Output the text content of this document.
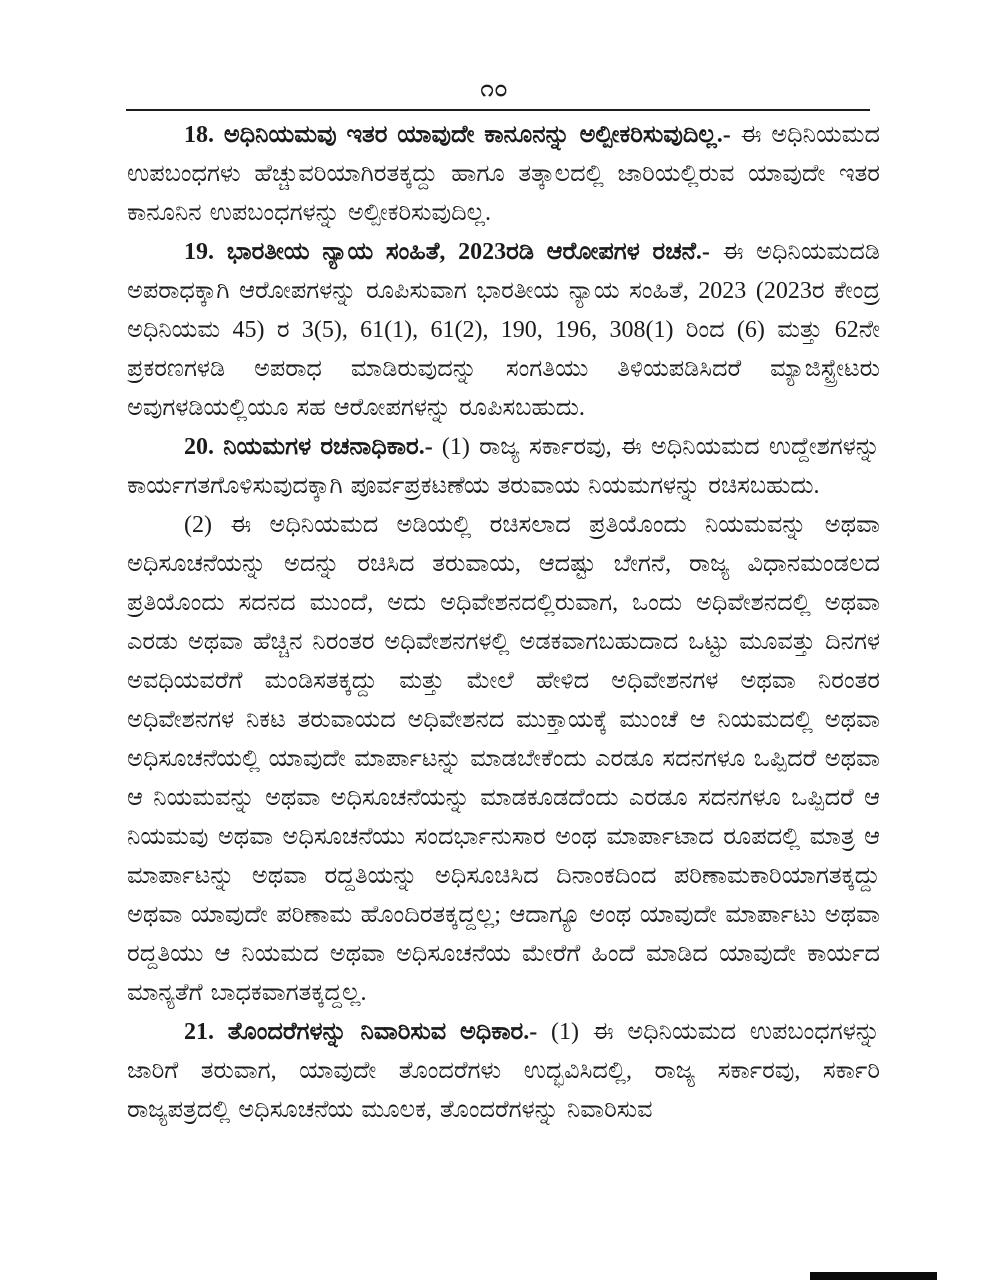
೧೦

18. ಅಧಿನಿಯಮವು ಇತರ ಯಾವುದೇ ಕಾನೂನನ್ನು ಅಲ್ಪೀಕರಿಸುವುದಿಲ್ಲ.- ಈ ಅಧಿನಿಯಮದ ಉಪಬಂಧಗಳು ಹೆಚ್ಚುವರಿಯಾಗಿರತಕ್ಕದ್ದು ಹಾಗೂ ತತ್ಕಾಲದಲ್ಲಿ ಜಾರಿಯಲ್ಲಿರುವ ಯಾವುದೇ ಇತರ ಕಾನೂನಿನ ಉಪಬಂಧಗಳನ್ನು ಅಲ್ಪೀಕರಿಸುವುದಿಲ್ಲ.

19. ಭಾರತೀಯ ನ್ಯಾಯ ಸಂಹಿತೆ, 2023ರಡಿ ಆರೋಪಗಳ ರಚನೆ.- ಈ ಅಧಿನಿಯಮದಡಿ ಅಪರಾಧಕ್ಕಾಗಿ ಆರೋಪಗಳನ್ನು ರೂಪಿಸುವಾಗ ಭಾರತೀಯ ನ್ಯಾಯ ಸಂಹಿತೆ, 2023 (2023ರ ಕೇಂದ್ರ ಅಧಿನಿಯಮ 45) ರ 3(5), 61(1), 61(2), 190, 196, 308(1) ರಿಂದ (6) ಮತ್ತು 62ನೇ ಪ್ರಕರಣಗಳಡಿ ಅಪರಾಧ ಮಾಡಿರುವುದನ್ನು ಸಂಗತಿಯು ತಿಳಿಯಪಡಿಸಿದರೆ ಮ್ಯಾಜಿಸ್ಟ್ರೇಟರು ಅವುಗಳಡಿಯಲ್ಲಿಯೂ ಸಹ ಆರೋಪಗಳನ್ನು ರೂಪಿಸಬಹುದು.

20. ನಿಯಮಗಳ ರಚನಾಧಿಕಾರ.- (1) ರಾಜ್ಯ ಸರ್ಕಾರವು, ಈ ಅಧಿನಿಯಮದ ಉದ್ದೇಶಗಳನ್ನು ಕಾರ್ಯಗತಗೊಳಿಸುವುದಕ್ಕಾಗಿ ಪೂರ್ವಪ್ರಕಟಣೆಯ ತರುವಾಯ ನಿಯಮಗಳನ್ನು ರಚಿಸಬಹುದು.

(2) ಈ ಅಧಿನಿಯಮದ ಅಡಿಯಲ್ಲಿ ರಚಿಸಲಾದ ಪ್ರತಿಯೊಂದು ನಿಯಮವನ್ನು ಅಥವಾ ಅಧಿಸೂಚನೆಯನ್ನು ಅದನ್ನು ರಚಿಸಿದ ತರುವಾಯ, ಆದಷ್ಟು ಬೇಗನೆ, ರಾಜ್ಯ ವಿಧಾನಮಂಡಲದ ಪ್ರತಿಯೊಂದು ಸದನದ ಮುಂದೆ, ಅದು ಅಧಿವೇಶನದಲ್ಲಿರುವಾಗ, ಒಂದು ಅಧಿವೇಶನದಲ್ಲಿ ಅಥವಾ ಎರಡು ಅಥವಾ ಹೆಚ್ಚಿನ ನಿರಂತರ ಅಧಿವೇಶನಗಳಲ್ಲಿ ಅಡಕವಾಗಬಹುದಾದ ಒಟ್ಟು ಮೂವತ್ತು ದಿನಗಳ ಅವಧಿಯವರೆಗೆ ಮಂಡಿಸತಕ್ಕದ್ದು ಮತ್ತು ಮೇಲೆ ಹೇಳಿದ ಅಧಿವೇಶನಗಳ ಅಥವಾ ನಿರಂತರ ಅಧಿವೇಶನಗಳ ನಿಕಟ ತರುವಾಯದ ಅಧಿವೇಶನದ ಮುಕ್ತಾಯಕ್ಕೆ ಮುಂಚೆ ಆ ನಿಯಮದಲ್ಲಿ ಅಥವಾ ಅಧಿಸೂಚನೆಯಲ್ಲಿ ಯಾವುದೇ ಮಾರ್ಪಾಟನ್ನು ಮಾಡಬೇಕೆಂದು ಎರಡೂ ಸದನಗಳೂ ಒಪ್ಪಿದರೆ ಅಥವಾ ಆ ನಿಯಮವನ್ನು ಅಥವಾ ಅಧಿಸೂಚನೆಯನ್ನು ಮಾಡಕೂಡದೆಂದು ಎರಡೂ ಸದನಗಳೂ ಒಪ್ಪಿದರೆ ಆ ನಿಯಮವು ಅಥವಾ ಅಧಿಸೂಚನೆಯು ಸಂದರ್ಭಾನುಸಾರ ಅಂಥ ಮಾರ್ಪಾಟಾದ ರೂಪದಲ್ಲಿ ಮಾತ್ರ ಆ ಮಾರ್ಪಾಟನ್ನು ಅಥವಾ ರದ್ದತಿಯನ್ನು ಅಧಿಸೂಚಿಸಿದ ದಿನಾಂಕದಿಂದ ಪರಿಣಾಮಕಾರಿಯಾಗತಕ್ಕದ್ದು ಅಥವಾ ಯಾವುದೇ ಪರಿಣಾಮ ಹೊಂದಿರತಕ್ಕದ್ದಲ್ಲ; ಆದಾಗ್ಯೂ ಅಂಥ ಯಾವುದೇ ಮಾರ್ಪಾಟು ಅಥವಾ ರದ್ದತಿಯು ಆ ನಿಯಮದ ಅಥವಾ ಅಧಿಸೂಚನೆಯ ಮೇರೆಗೆ ಹಿಂದೆ ಮಾಡಿದ ಯಾವುದೇ ಕಾರ್ಯದ ಮಾನ್ಯತೆಗೆ ಬಾಧಕವಾಗತಕ್ಕದ್ದಲ್ಲ.

21. ತೊಂದರೆಗಳನ್ನು ನಿವಾರಿಸುವ ಅಧಿಕಾರ.- (1) ಈ ಅಧಿನಿಯಮದ ಉಪಬಂಧಗಳನ್ನು ಜಾರಿಗೆ ತರುವಾಗ, ಯಾವುದೇ ತೊಂದರೆಗಳು ಉದ್ಭವಿಸಿದಲ್ಲಿ, ರಾಜ್ಯ ಸರ್ಕಾರವು, ಸರ್ಕಾರಿ ರಾಜ್ಯಪತ್ರದಲ್ಲಿ ಅಧಿಸೂಚನೆಯ ಮೂಲಕ, ತೊಂದರೆಗಳನ್ನು ನಿವಾರಿಸುವ
